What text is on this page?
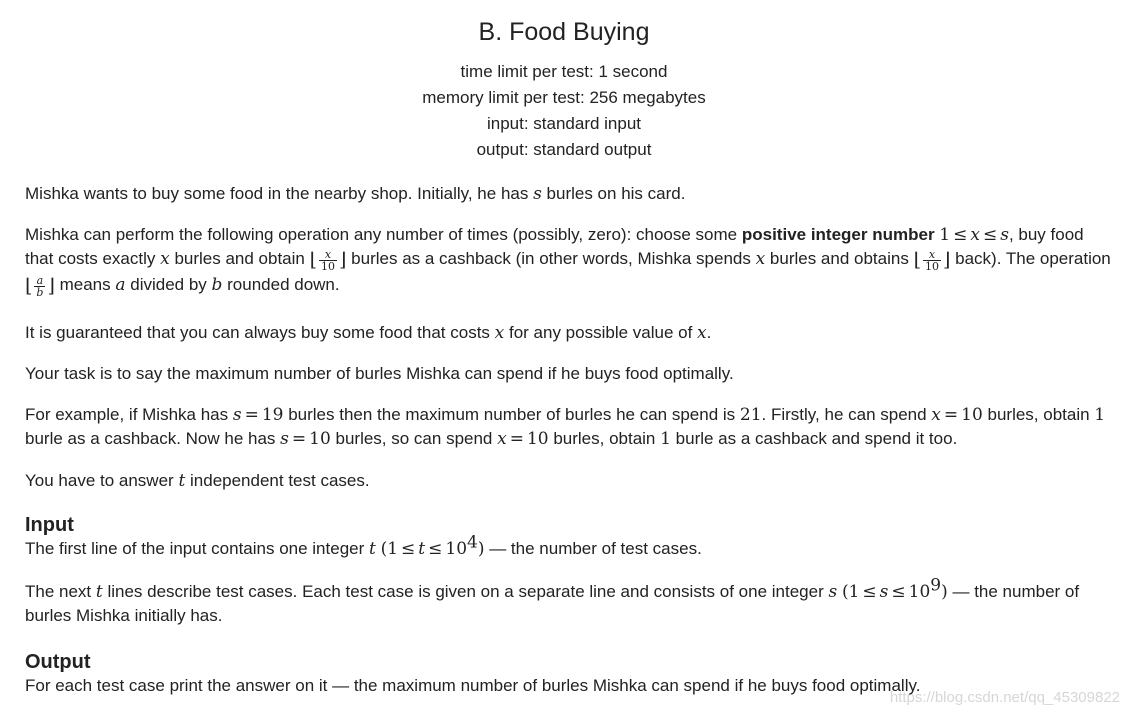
B. Food Buying
time limit per test: 1 second
memory limit per test: 256 megabytes
input: standard input
output: standard output

Mishka wants to buy some food in the nearby shop. Initially, he has s burles on his card.

Mishka can perform the following operation any number of times (possibly, zero): choose some positive integer number 1 ≤ x ≤ s, buy food that costs exactly x burles and obtain ⌊ $\frac{x}{10}$ ⌋ burles as a cashback (in other words, Mishka spends x burles and obtains ⌊ $\frac{x}{10}$ ⌋ back). The operation ⌊ $\frac{a}{b}$ ⌋ means a divided by b rounded down.

It is guaranteed that you can always buy some food that costs x for any possible value of x.

Your task is to say the maximum number of burles Mishka can spend if he buys food optimally.

For example, if Mishka has s = 19 burles then the maximum number of burles he can spend is 21. Firstly, he can spend x = 10 burles, obtain 1 burle as a cashback. Now he has s = 10 burles, so can spend x = 10 burles, obtain 1 burle as a cashback and spend it too.

You have to answer t independent test cases.

Input

The first line of the input contains one integer t $(1 \le t \le 10^4)$ — the number of test cases.

The next t lines describe test cases. Each test case is given on a separate line and consists of one integer s $(1 \le s \le 10^9)$ — the number of burles Mishka initially has.

Output

For each test case print the answer on it — the maximum number of burles Mishka can spend if he buys food optimally.

https://blog.csdn.net/qq_45309822
